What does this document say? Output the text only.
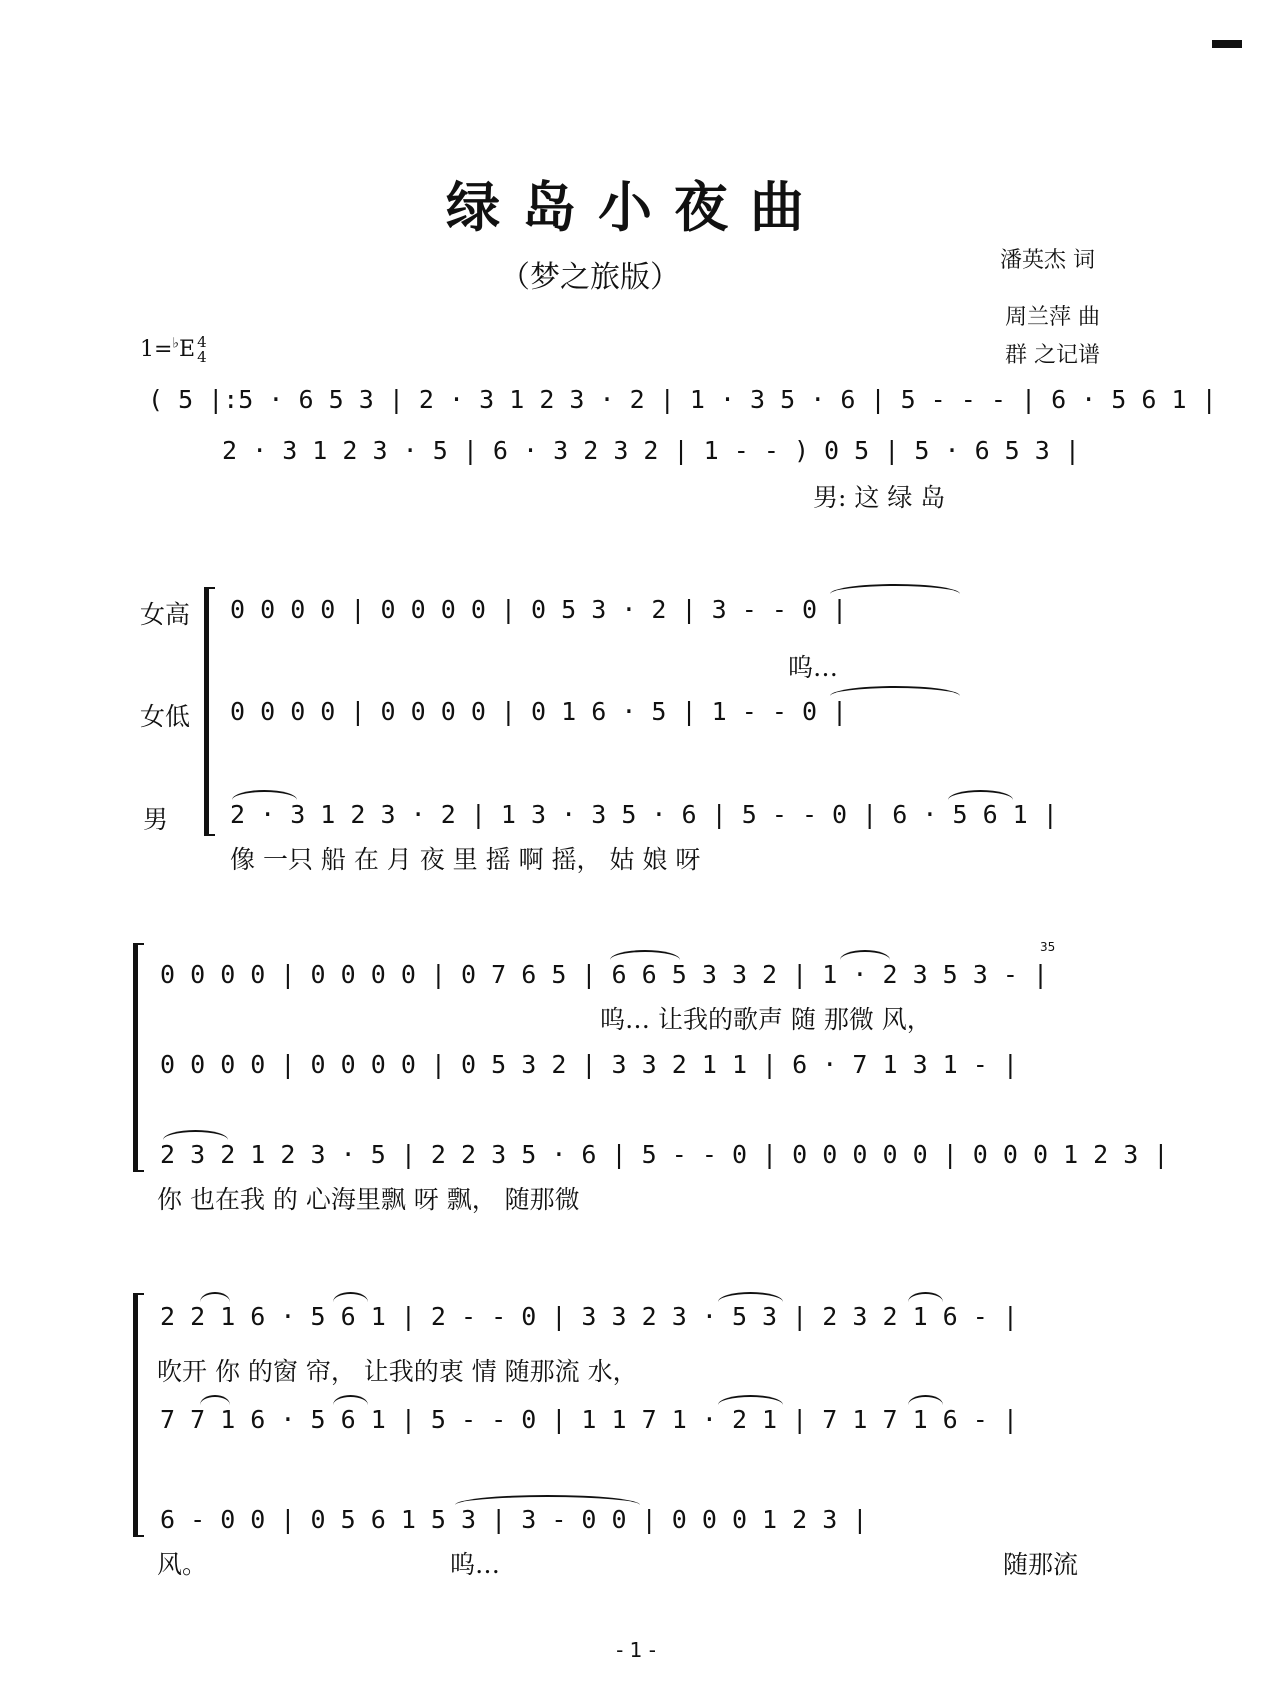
绿岛小夜曲
（梦之旅版）	潘英杰 词
周兰萍 曲
群 之记谱
1=♭E 4
4
( 5 |:5 · 6 5 3 | 2 · 3 1 2 3 · 2 | 1 · 3 5 · 6 | 5 - - - | 6 · 5 6 1 |
2 · 3 1 2 3 · 5 | 6 · 3 2 3 2 | 1 - - ) 0 5 | 5 · 6 5 3 |
男: 这 绿 岛
女高
女低
男
0 0 0 0 | 0 0 0 0 | 0 5 3 · 2 | 3 - - 0 |
呜…
0 0 0 0 | 0 0 0 0 | 0 1 6 · 5 | 1 - - 0 |
2 · 3 1 2 3 · 2 | 1 3 · 3 5 · 6 | 5 - - 0 | 6 · 5 6 1 |
像 一只 船 在 月 夜 里 摇 啊 摇， 姑 娘 呀
0 0 0 0 | 0 0 0 0 | 0 7 6 5 | 6 6 5 3 3 2 | 1 · 2 3 5 3 - |
35
呜… 让我的歌声 随 那微 风，
0 0 0 0 | 0 0 0 0 | 0 5 3 2 | 3 3 2 1 1 | 6 · 7 1 3 1 - |
2 3 2 1 2 3 · 5 | 2 2 3 5 · 6 | 5 - - 0 | 0 0 0 0 0 | 0 0 0 1 2 3 |
你 也在我 的 心海里飘 呀 飘， 随那微
2 2 1 6 · 5 6 1 | 2 - - 0 | 3 3 2 3 · 5 3 | 2 3 2 1 6 - |
吹开 你 的窗 帘， 让我的衷 情 随那流 水，
7 7 1 6 · 5 6 1 | 5 - - 0 | 1 1 7 1 · 2 1 | 7 1 7 1 6 - |
6 - 0 0 | 0 5 6 1 5 3 | 3 - 0 0 | 0 0 0 1 2 3 |
风。	呜…	随那流
- 1 -
